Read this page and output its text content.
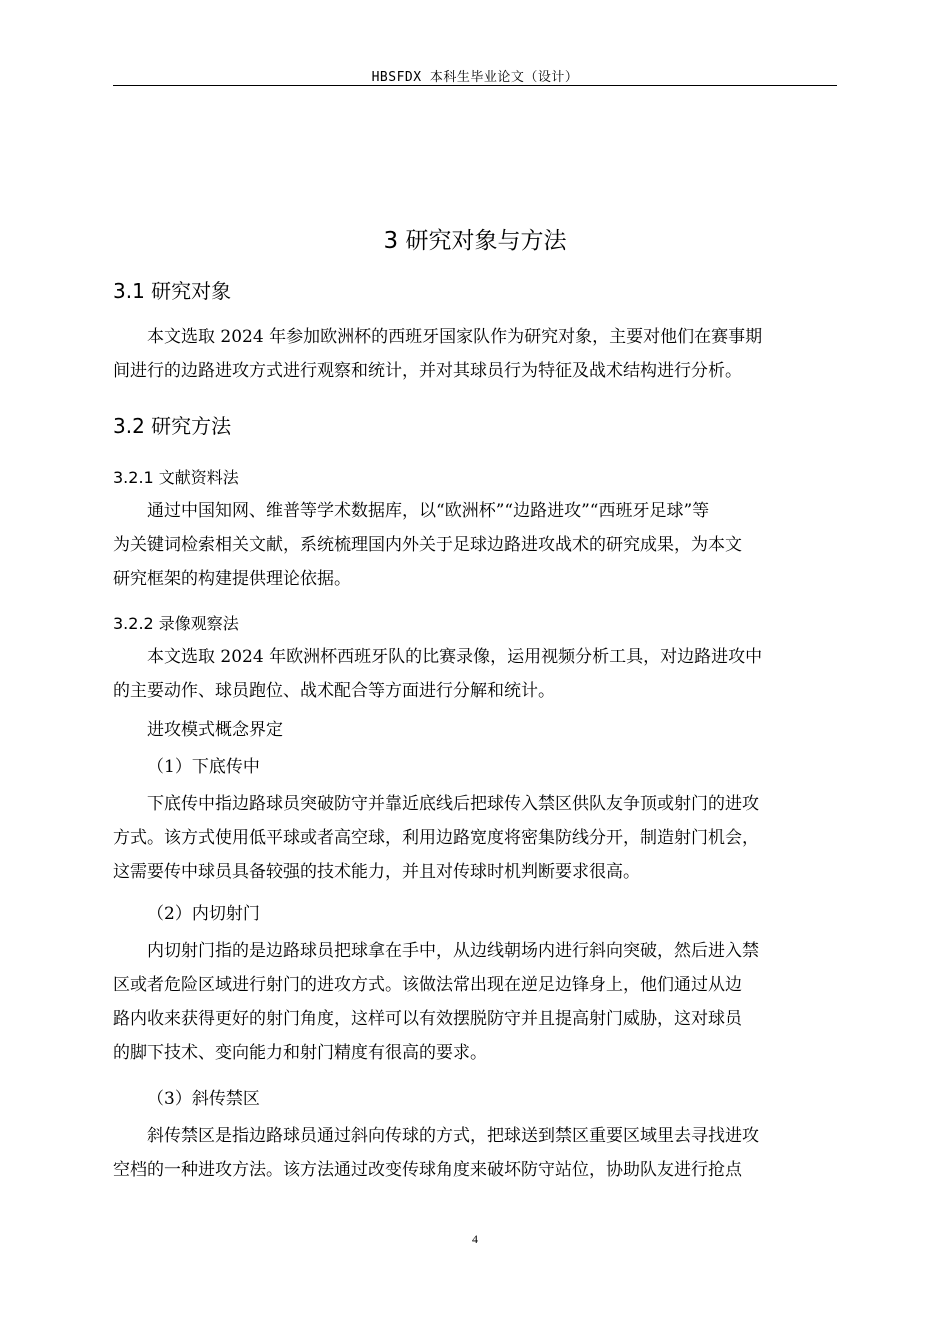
HBSFDX 本科生毕业论文（设计）
3 研究对象与方法
3.1 研究对象
本文选取 2024 年参加欧洲杯的西班牙国家队作为研究对象，主要对他们在赛事期
间进行的边路进攻方式进行观察和统计，并对其球员行为特征及战术结构进行分析。
3.2 研究方法
3.2.1 文献资料法
通过中国知网、维普等学术数据库，以“欧洲杯”“边路进攻”“西班牙足球”等
为关键词检索相关文献，系统梳理国内外关于足球边路进攻战术的研究成果，为本文
研究框架的构建提供理论依据。
3.2.2 录像观察法
本文选取 2024 年欧洲杯西班牙队的比赛录像，运用视频分析工具，对边路进攻中
的主要动作、球员跑位、战术配合等方面进行分解和统计。
进攻模式概念界定
（1）下底传中
下底传中指边路球员突破防守并靠近底线后把球传入禁区供队友争顶或射门的进攻
方式。该方式使用低平球或者高空球，利用边路宽度将密集防线分开，制造射门机会，
这需要传中球员具备较强的技术能力，并且对传球时机判断要求很高。
（2）内切射门
内切射门指的是边路球员把球拿在手中，从边线朝场内进行斜向突破，然后进入禁
区或者危险区域进行射门的进攻方式。该做法常出现在逆足边锋身上，他们通过从边
路内收来获得更好的射门角度，这样可以有效摆脱防守并且提高射门威胁，这对球员
的脚下技术、变向能力和射门精度有很高的要求。
（3）斜传禁区
斜传禁区是指边路球员通过斜向传球的方式，把球送到禁区重要区域里去寻找进攻
空档的一种进攻方法。该方法通过改变传球角度来破坏防守站位，协助队友进行抢点
4
